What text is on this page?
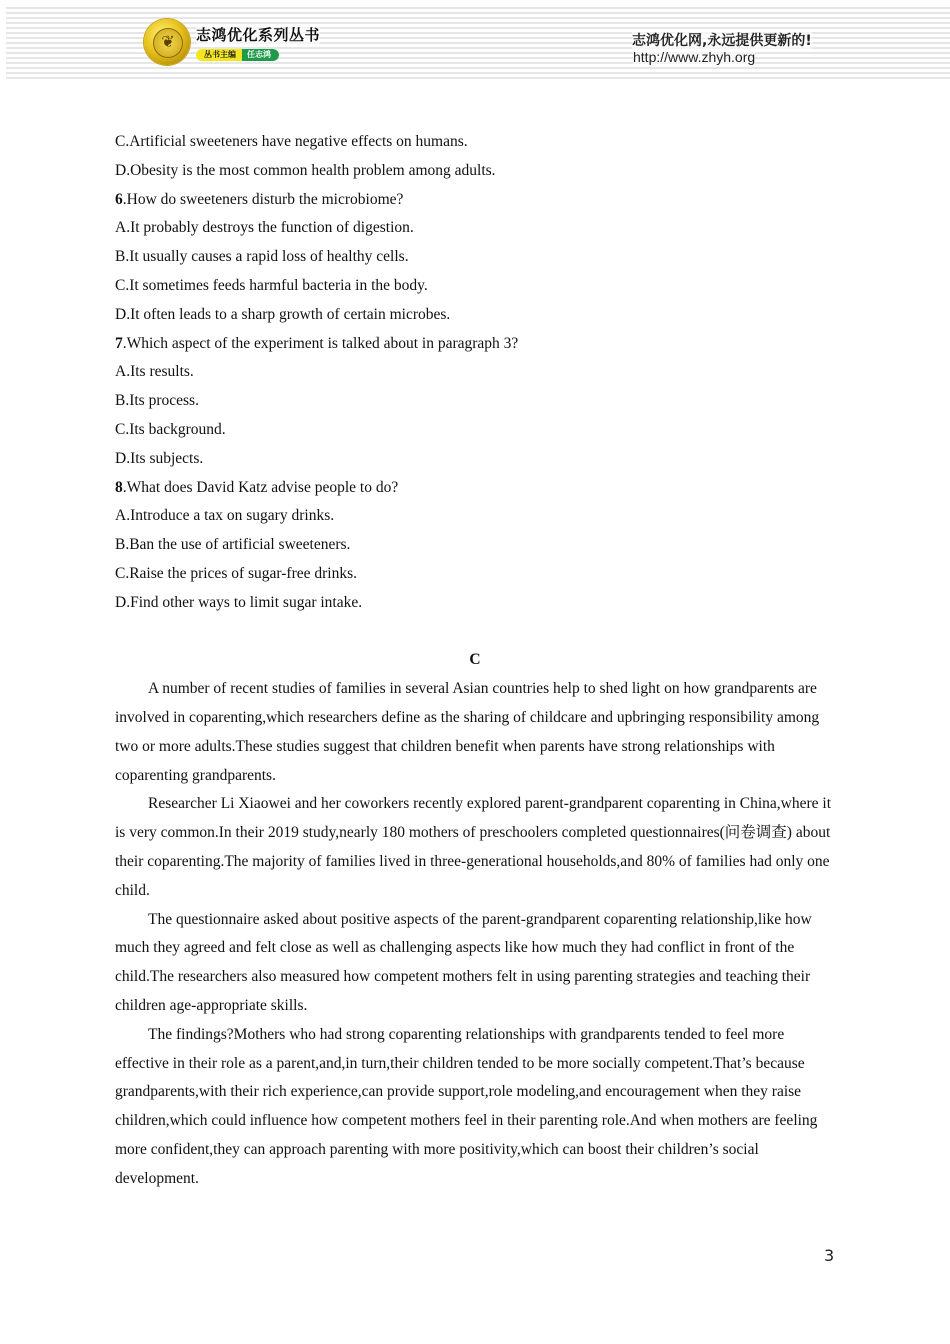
❦	志鸿优化系列丛书
丛书主编	任志鸿
志鸿优化网,永远提供更新的!
http://www.zhyh.org
C.Artificial sweeteners have negative effects on humans.
D.Obesity is the most common health problem among adults.
6.How do sweeteners disturb the microbiome?
A.It probably destroys the function of digestion.
B.It usually causes a rapid loss of healthy cells.
C.It sometimes feeds harmful bacteria in the body.
D.It often leads to a sharp growth of certain microbes.
7.Which aspect of the experiment is talked about in paragraph 3?
A.Its results.
B.Its process.
C.Its background.
D.Its subjects.
8.What does David Katz advise people to do?
A.Introduce a tax on sugary drinks.
B.Ban the use of artificial sweeteners.
C.Raise the prices of sugar-free drinks.
D.Find other ways to limit sugar intake.
C

A number of recent studies of families in several Asian countries help to shed light on how grandparents are involved in coparenting,which researchers define as the sharing of childcare and upbringing responsibility among two or more adults.These studies suggest that children benefit when parents have strong relationships with coparenting grandparents.

Researcher Li Xiaowei and her coworkers recently explored parent-grandparent coparenting in China,where it is very common.In their 2019 study,nearly 180 mothers of preschoolers completed questionnaires(问卷调查) about their coparenting.The majority of families lived in three-generational households,and 80% of families had only one child.

The questionnaire asked about positive aspects of the parent-grandparent coparenting relationship,like how much they agreed and felt close as well as challenging aspects like how much they had conflict in front of the child.The researchers also measured how competent mothers felt in using parenting strategies and teaching their children age-appropriate skills.

The findings?Mothers who had strong coparenting relationships with grandparents tended to feel more effective in their role as a parent,and,in turn,their children tended to be more socially competent.That’s because grandparents,with their rich experience,can provide support,role modeling,and encouragement when they raise children,which could influence how competent mothers feel in their parenting role.And when mothers are feeling more confident,they can approach parenting with more positivity,which can boost their children’s social development.

3
